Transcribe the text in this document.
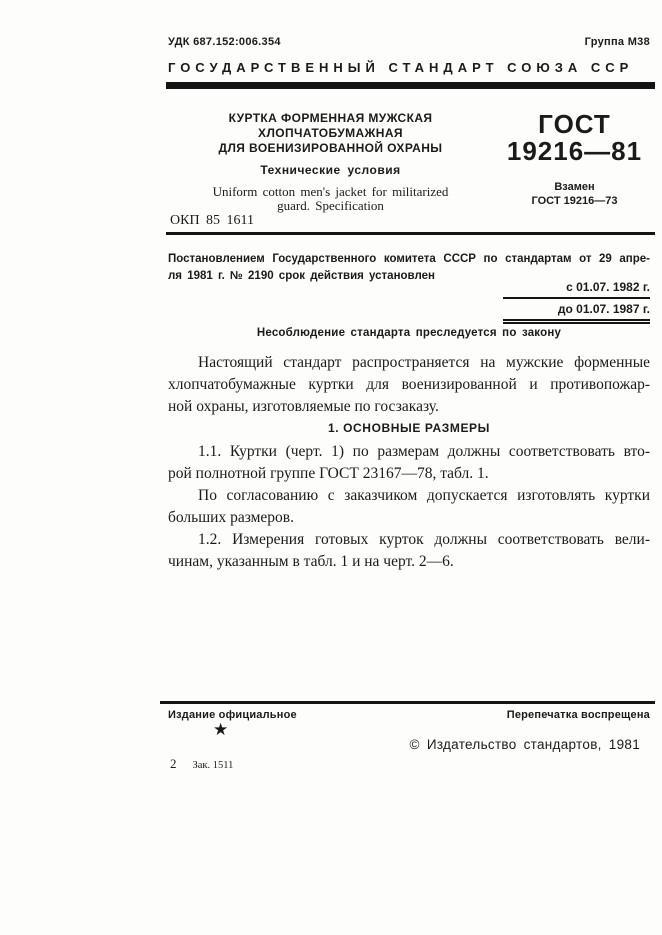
УДК 687.152:006.354	Группа М38
ГОСУДАРСТВЕННЫЙ СТАНДАРТ СОЮЗА ССР
КУРТКА ФОРМЕННАЯ МУЖСКАЯ
ХЛОПЧАТОБУМАЖНАЯ
ДЛЯ ВОЕНИЗИРОВАННОЙ ОХРАНЫ
Технические условия
Uniform cotton men's jacket for militarized
guard. Specification
ГОСТ
19216—81
Взамен
ГОСТ 19216—73
ОКП 85 1611
Постановлением Государственного комитета СССР по стандартам от 29 апре-
ля 1981 г. № 2190 срок действия установлен
с 01.07. 1982 г.
до 01.07. 1987 г.
Несоблюдение стандарта преследуется по закону
Настоящий стандарт распространяется на мужские форменные
хлопчатобумажные куртки для военизированной и противопожар-
ной охраны, изготовляемые по госзаказу.
1. ОСНОВНЫЕ РАЗМЕРЫ
1.1. Куртки (черт. 1) по размерам должны соответствовать вто-
рой полнотной группе ГОСТ 23167—78, табл. 1.
По согласованию с заказчиком допускается изготовлять куртки
больших размеров.
1.2. Измерения готовых курток должны соответствовать вели-
чинам, указанным в табл. 1 и на черт. 2—6.
Издание официальное	Перепечатка воспрещена
★
© Издательство стандартов, 1981
2 Зак. 1511
